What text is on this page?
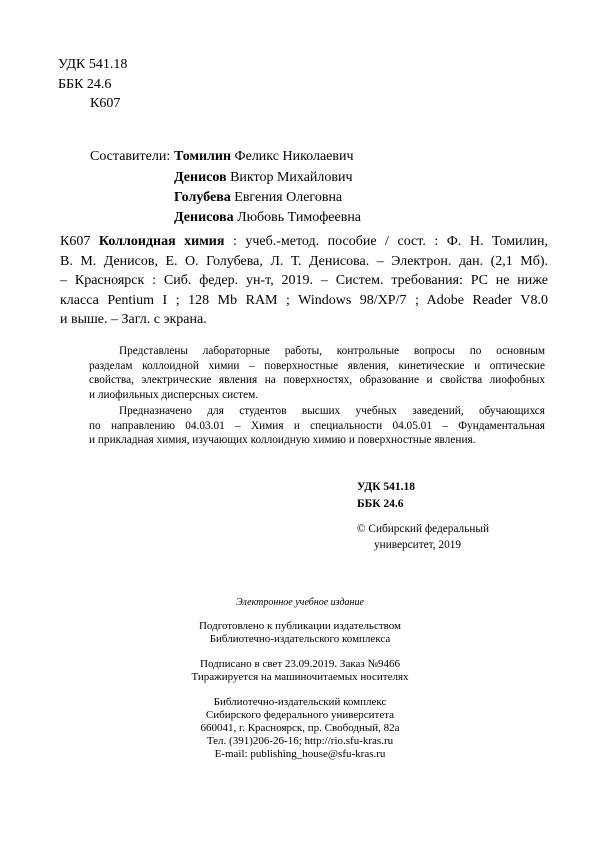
УДК 541.18
ББК 24.6
К607
Составители: Томилин Феликс Николаевич
Денисов Виктор Михайлович
Голубева Евгения Олеговна
Денисова Любовь Тимофеевна
К607 Коллоидная химия : учеб.-метод. пособие / сост. : Ф. Н. Томилин,
В. М. Денисов, Е. О. Голубева, Л. Т. Денисова. – Электрон. дан. (2,1 Мб).
– Красноярск : Сиб. федер. ун-т, 2019. – Систем. требования: PC не ниже
класса Pentium I ; 128 Mb RAM ; Windows 98/XP/7 ; Adobe Reader V8.0
и выше. – Загл. с экрана.
Представлены лабораторные работы, контрольные вопросы по основным
разделам коллоидной химии – поверхностные явления, кинетические и оптические
свойства, электрические явления на поверхностях, образование и свойства лиофобных
и лиофильных дисперсных систем.
Предназначено для студентов высших учебных заведений, обучающихся
по направлению 04.03.01 – Химия и специальности 04.05.01 – Фундаментальная
и прикладная химия, изучающих коллоидную химию и поверхностные явления.
УДК 541.18
ББК 24.6
© Сибирский федеральный
университет, 2019
Электронное учебное издание
Подготовлено к публикации издательством
Библиотечно-издательского комплекса
Подписано в свет 23.09.2019. Заказ №9466
Тиражируется на машиночитаемых носителях
Библиотечно-издательский комплекс
Сибирского федерального университета
660041, г. Красноярск, пр. Свободный, 82а
Тел. (391)206-26-16; http://rio.sfu-kras.ru
E-mail: publishing_house@sfu-kras.ru
